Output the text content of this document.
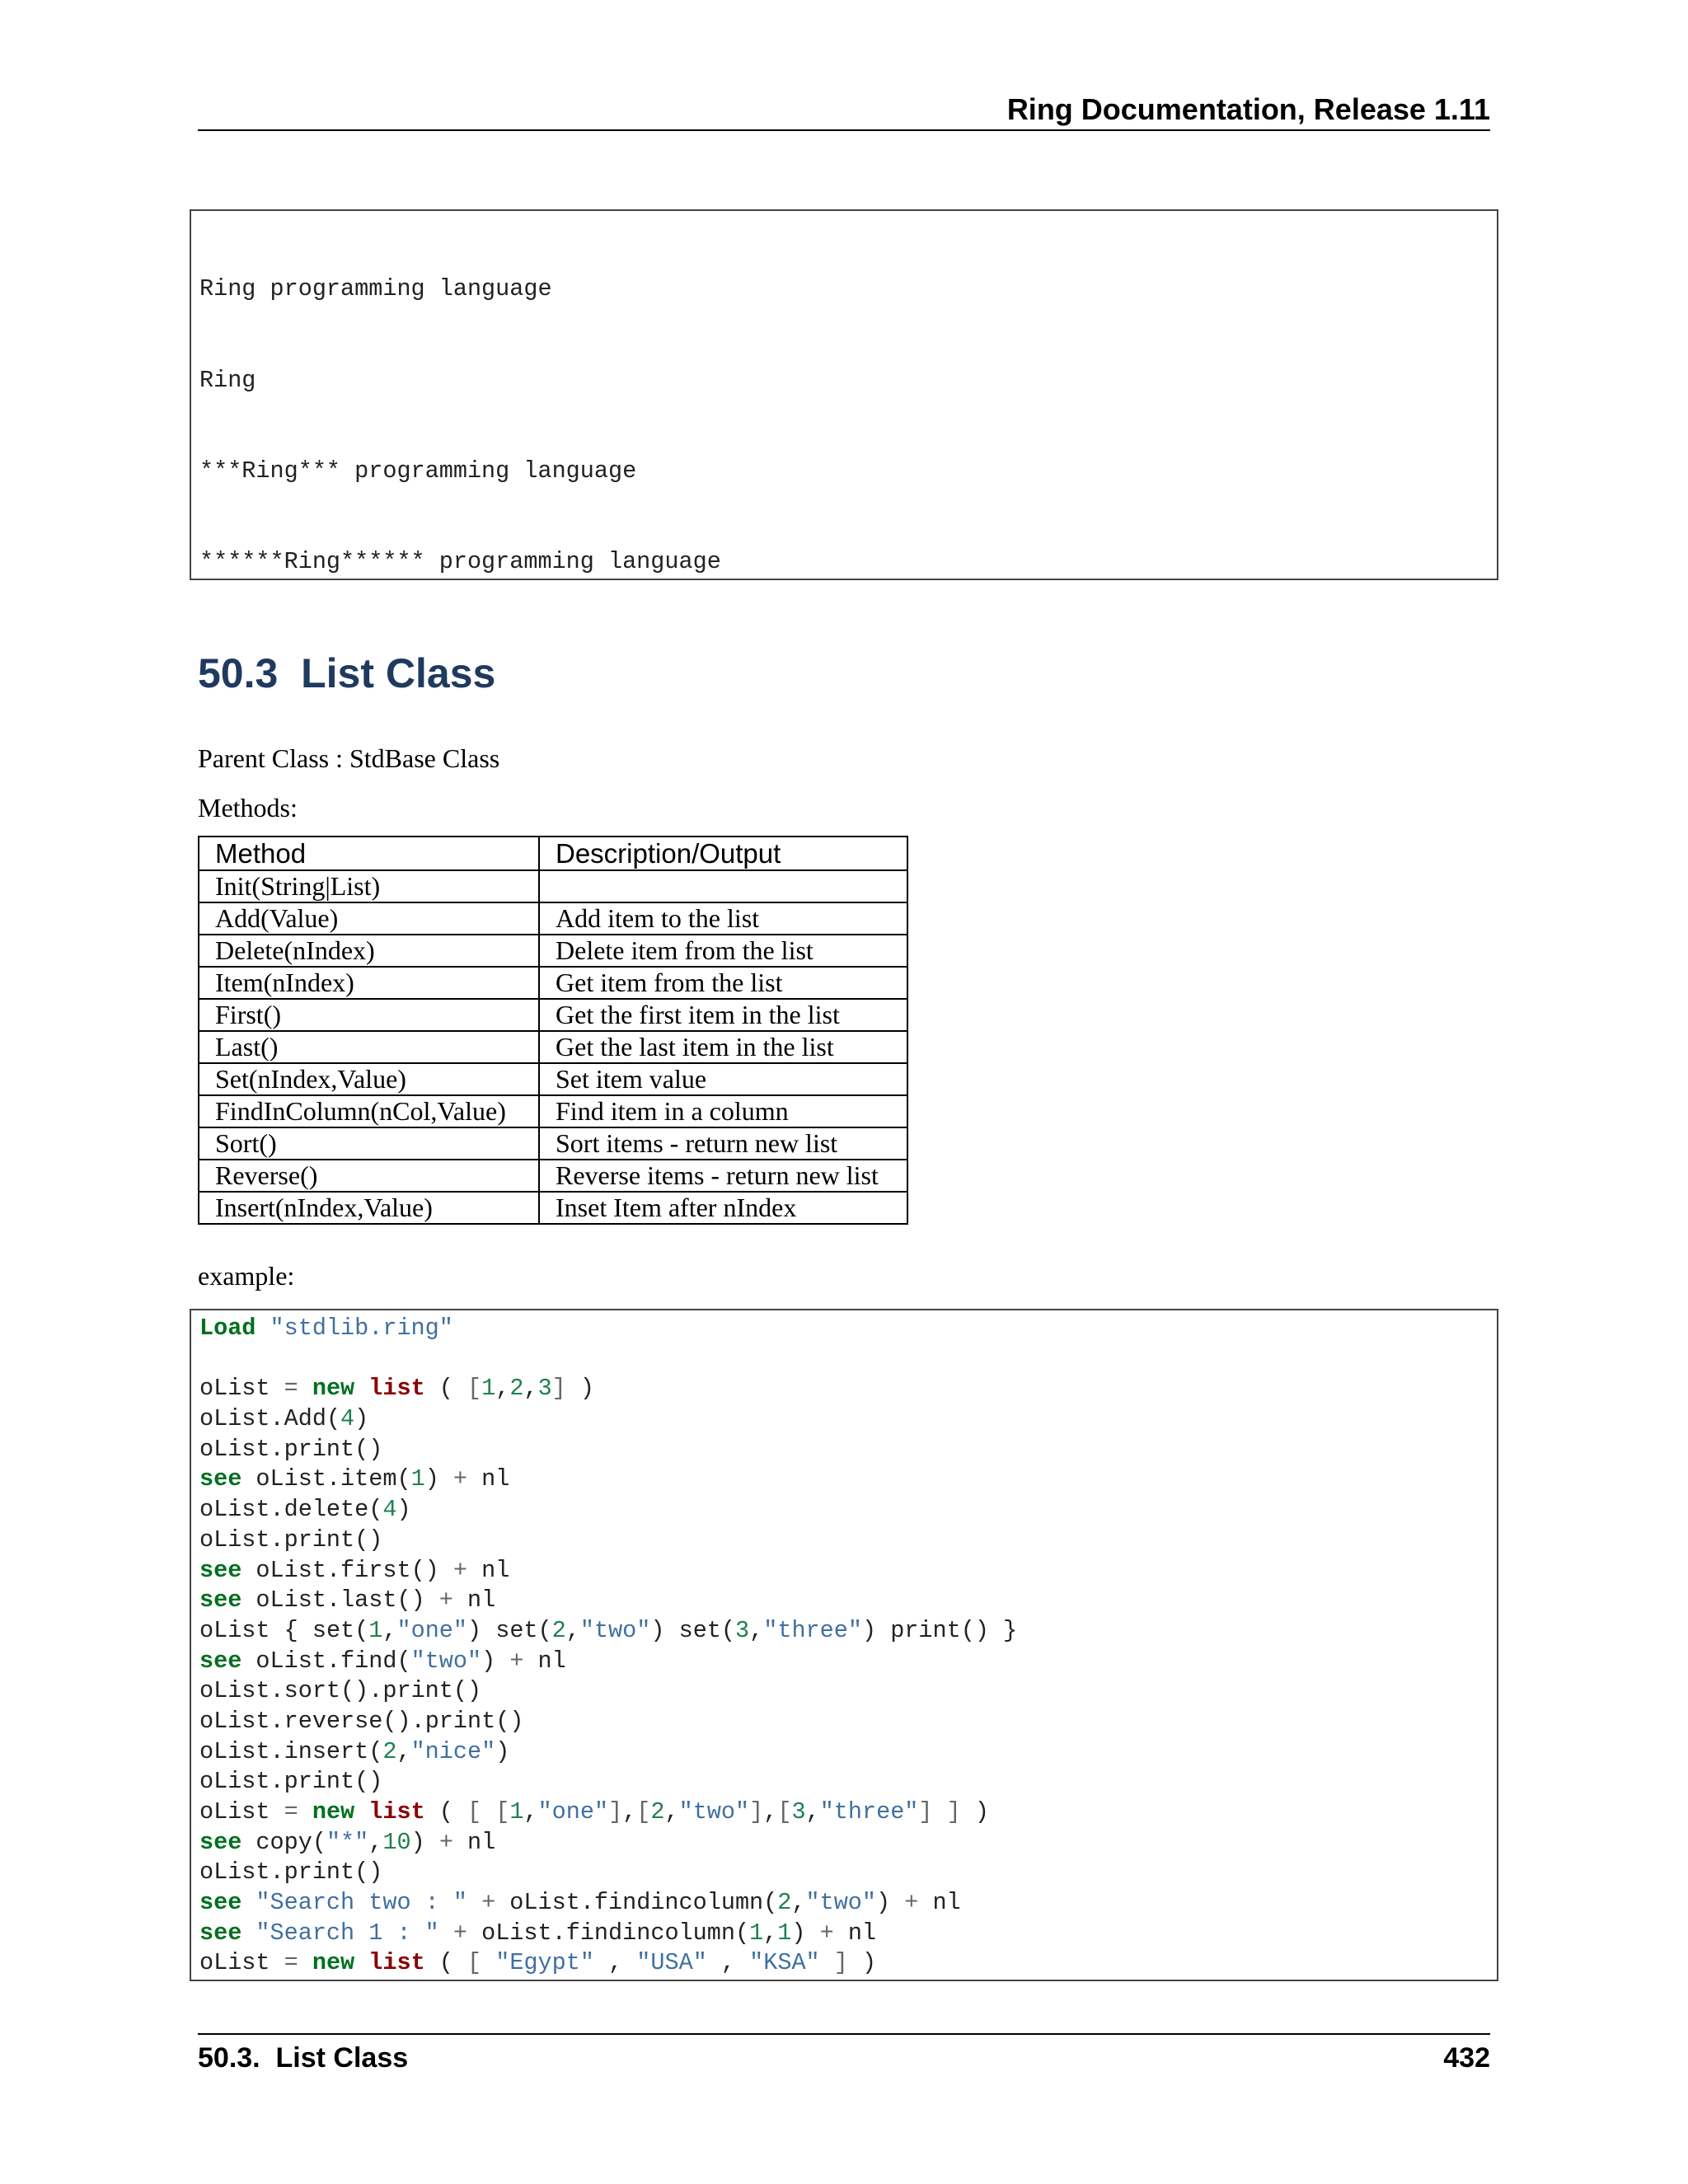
Ring Documentation, Release 1.11

Ring programming language

Ring

***Ring*** programming language

******Ring****** programming language

50.3 List Class
Parent Class : StdBase Class
Methods:
Method	Description/Output
Init(String|List)	
Add(Value)	Add item to the list
Delete(nIndex)	Delete item from the list
Item(nIndex)	Get item from the list
First()	Get the first item in the list
Last()	Get the last item in the list
Set(nIndex,Value)	Set item value
FindInColumn(nCol,Value)	Find item in a column
Sort()	Sort items - return new list
Reverse()	Reverse items - return new list
Insert(nIndex,Value)	Inset Item after nIndex
example:
Load "stdlib.ring"

oList = new list ( [1,2,3] )
oList.Add(4)
oList.print()
see oList.item(1) + nl
oList.delete(4)
oList.print()
see oList.first() + nl
see oList.last() + nl
oList { set(1,"one") set(2,"two") set(3,"three") print() }
see oList.find("two") + nl
oList.sort().print()
oList.reverse().print()
oList.insert(2,"nice")
oList.print()
oList = new list ( [ [1,"one"],[2,"two"],[3,"three"] ] )
see copy("*",10) + nl
oList.print()
see "Search two : " + oList.findincolumn(2,"two") + nl
see "Search 1 : " + oList.findincolumn(1,1) + nl
oList = new list ( [ "Egypt" , "USA" , "KSA" ] )
50.3.  List Class	432
